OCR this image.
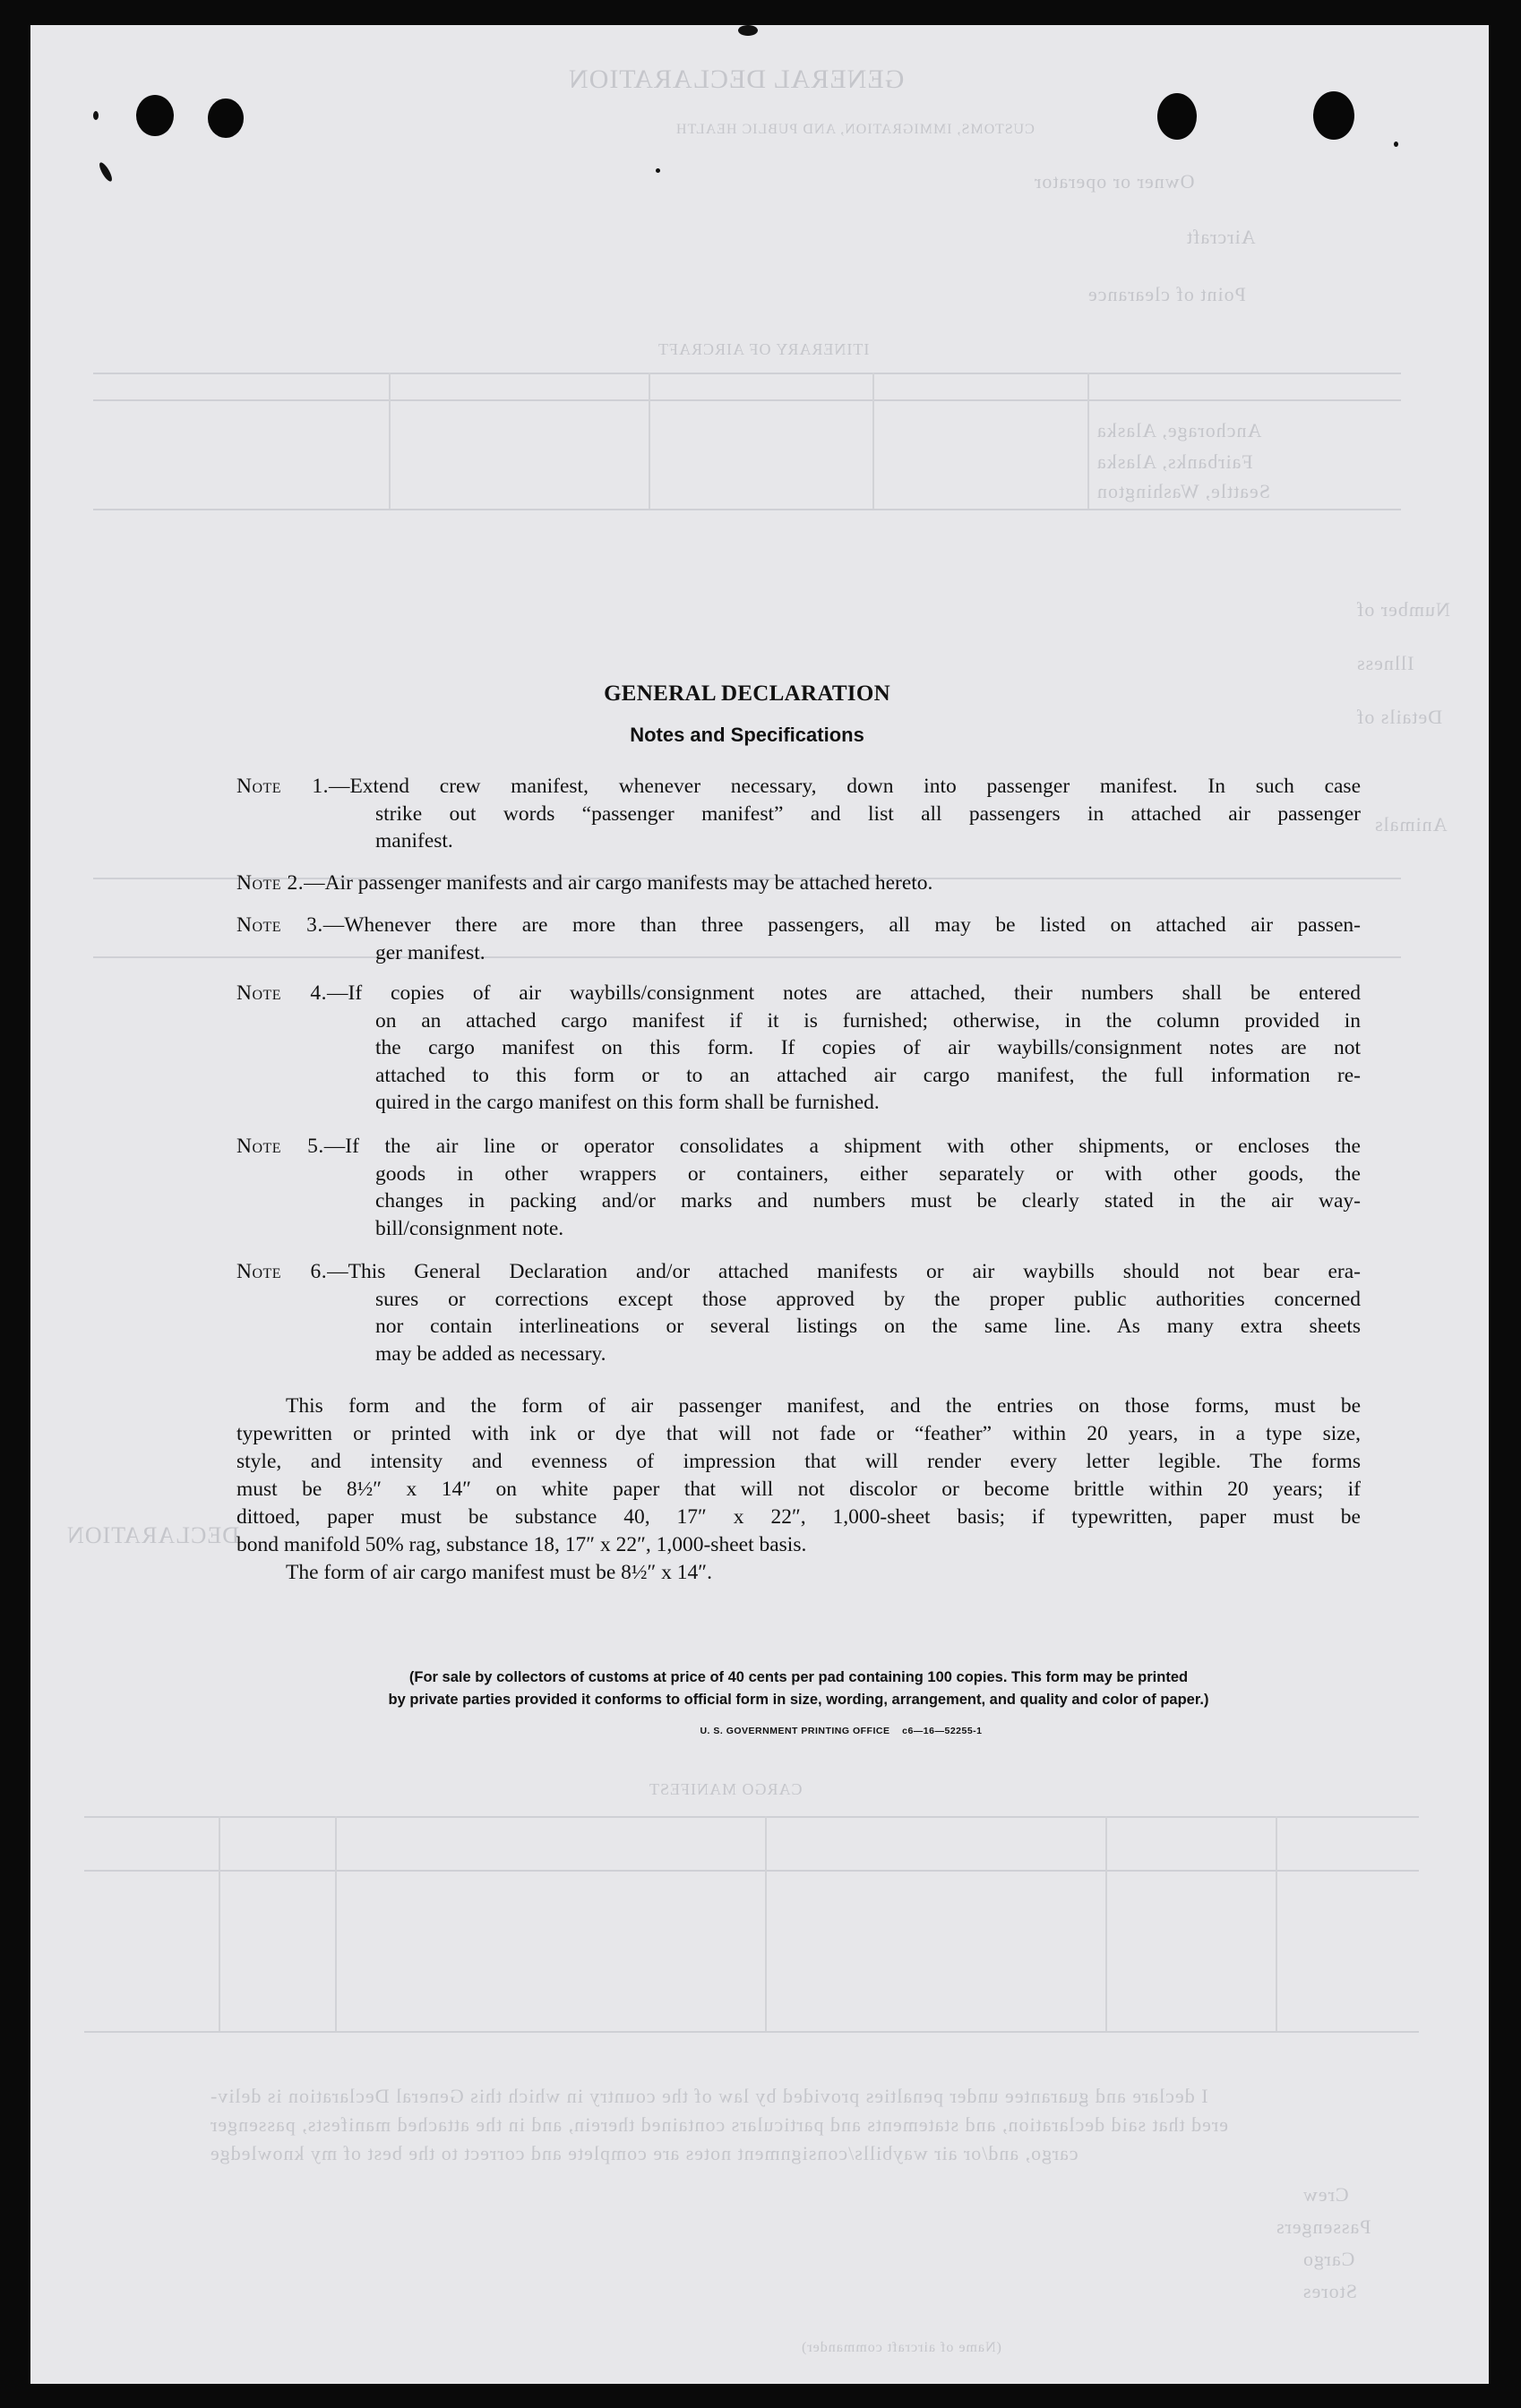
GENERAL DECLARATION
CUSTOMS, IMMIGRATION, AND PUBLIC HEALTH
Owner or operator
Aircraft
Point of clearance
ITINERARY OF AIRCRAFT
Anchorage, Alaska
Fairbanks, Alaska
Seattle, Washington
Number of
Illness
Details of
Animals
DECLARATION
CARGO MANIFEST
I declare and guarantee under penalties provided by law of the country in which this General Declaration is deliv-
ered that said declaration, and statements and particulars contained therein, and in the attached manifests, passenger
cargo, and/or air waybills/consignment notes are complete and correct to the best of my knowledge
Crew
Passengers
Cargo
Stores
(Name of aircraft commander)
GENERAL DECLARATION
Notes and Specifications
Note 1.—Extend crew manifest, whenever necessary, down into passenger manifest. In such case
strike out words “passenger manifest” and list all passengers in attached air passenger
manifest.
Note 2.—Air passenger manifests and air cargo manifests may be attached hereto.
Note 3.—Whenever there are more than three passengers, all may be listed on attached air passen-
ger manifest.
Note 4.—If copies of air waybills/consignment notes are attached, their numbers shall be entered
on an attached cargo manifest if it is furnished; otherwise, in the column provided in
the cargo manifest on this form. If copies of air waybills/consignment notes are not
attached to this form or to an attached air cargo manifest, the full information re-
quired in the cargo manifest on this form shall be furnished.
Note 5.—If the air line or operator consolidates a shipment with other shipments, or encloses the
goods in other wrappers or containers, either separately or with other goods, the
changes in packing and/or marks and numbers must be clearly stated in the air way-
bill/consignment note.
Note 6.—This General Declaration and/or attached manifests or air waybills should not bear era-
sures or corrections except those approved by the proper public authorities concerned
nor contain interlineations or several listings on the same line. As many extra sheets
may be added as necessary.
This form and the form of air passenger manifest, and the entries on those forms, must be
typewritten or printed with ink or dye that will not fade or “feather” within 20 years, in a type size,
style, and intensity and evenness of impression that will render every letter legible. The forms
must be 8½″ x 14″ on white paper that will not discolor or become brittle within 20 years; if
dittoed, paper must be substance 40, 17″ x 22″, 1,000-sheet basis; if typewritten, paper must be
bond manifold 50% rag, substance 18, 17″ x 22″, 1,000-sheet basis.
The form of air cargo manifest must be 8½″ x 14″.
(For sale by collectors of customs at price of 40 cents per pad containing 100 copies. This form may be printed
by private parties provided it conforms to official form in size, wording, arrangement, and quality and color of paper.)
U. S. GOVERNMENT PRINTING OFFICE    c6—16—52255-1
